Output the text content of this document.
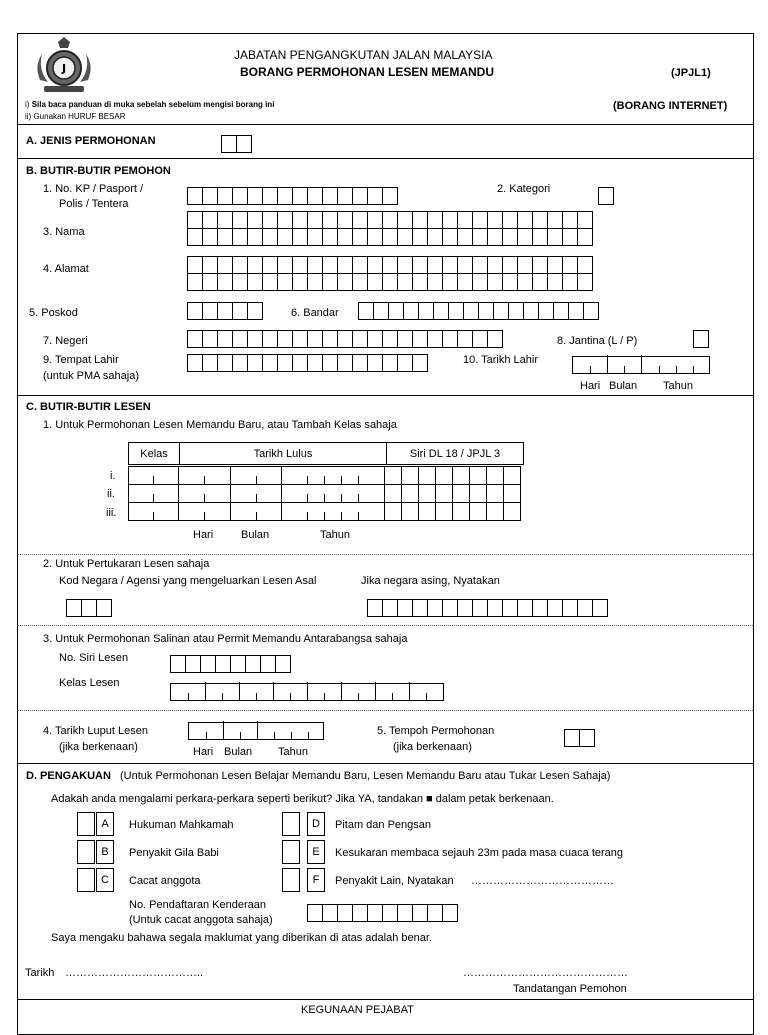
J
JABATAN PENGANGKUTAN JALAN MALAYSIA
BORANG PERMOHONAN LESEN MEMANDU	(JPJL1)
i) Sila baca panduan di muka sebelah sebelum mengisi borang ini
ii) Gunakan HURUF BESAR
(BORANG INTERNET)
A. JENIS PERMOHONAN
B. BUTIR-BUTIR PEMOHON
1. No. KP / Pasport /
Polis / Tentera
2. Kategori
3. Nama
4. Alamat
5. Poskod	6. Bandar
7. Negeri	8. Jantina (L / P)
9. Tempat Lahir
(untuk PMA sahaja)
10. Tarikh Lahir
Hari Bulan Tahun
C. BUTIR-BUTIR LESEN
1. Untuk Permohonan Lesen Memandu Baru, atau Tambah Kelas sahaja
Kelas	Tarikh Lulus	Siri DL 18 / JPJL 3
i.
ii.
iii.
Hari	Bulan	Tahun
2. Untuk Pertukaran Lesen sahaja
Kod Negara / Agensi yang mengeluarkan Lesen Asal	Jika negara asing, Nyatakan
3. Untuk Permohonan Salinan atau Permit Memandu Antarabangsa sahaja
No. Siri Lesen
Kelas Lesen
4. Tarikh Luput Lesen
(jika berkenaan)	Hari Bulan Tahun
5. Tempoh Permohonan
(jika berkenaan)
D. PENGAKUAN (Untuk Permohonan Lesen Belajar Memandu Baru, Lesen Memandu Baru atau Tukar Lesen Sahaja)
Adakah anda mengalami perkara-perkara seperti berikut? Jika YA, tandakan ■ dalam petak berkenaan.
A	Hukuman Mahkamah
B	Penyakit Gila Babi
C	Cacat anggota
D	Pitam dan Pengsan
E	Kesukaran membaca sejauh 23m pada masa cuaca terang
F	Penyakit Lain, Nyatakan …………………………………
No. Pendaftaran Kenderaan
(Untuk cacat anggota sahaja)
Saya mengaku bahawa segala maklumat yang diberikan di atas adalah benar.
Tarikh ………………………………..	………………………………………
Tandatangan Pemohon
KEGUNAAN PEJABAT
